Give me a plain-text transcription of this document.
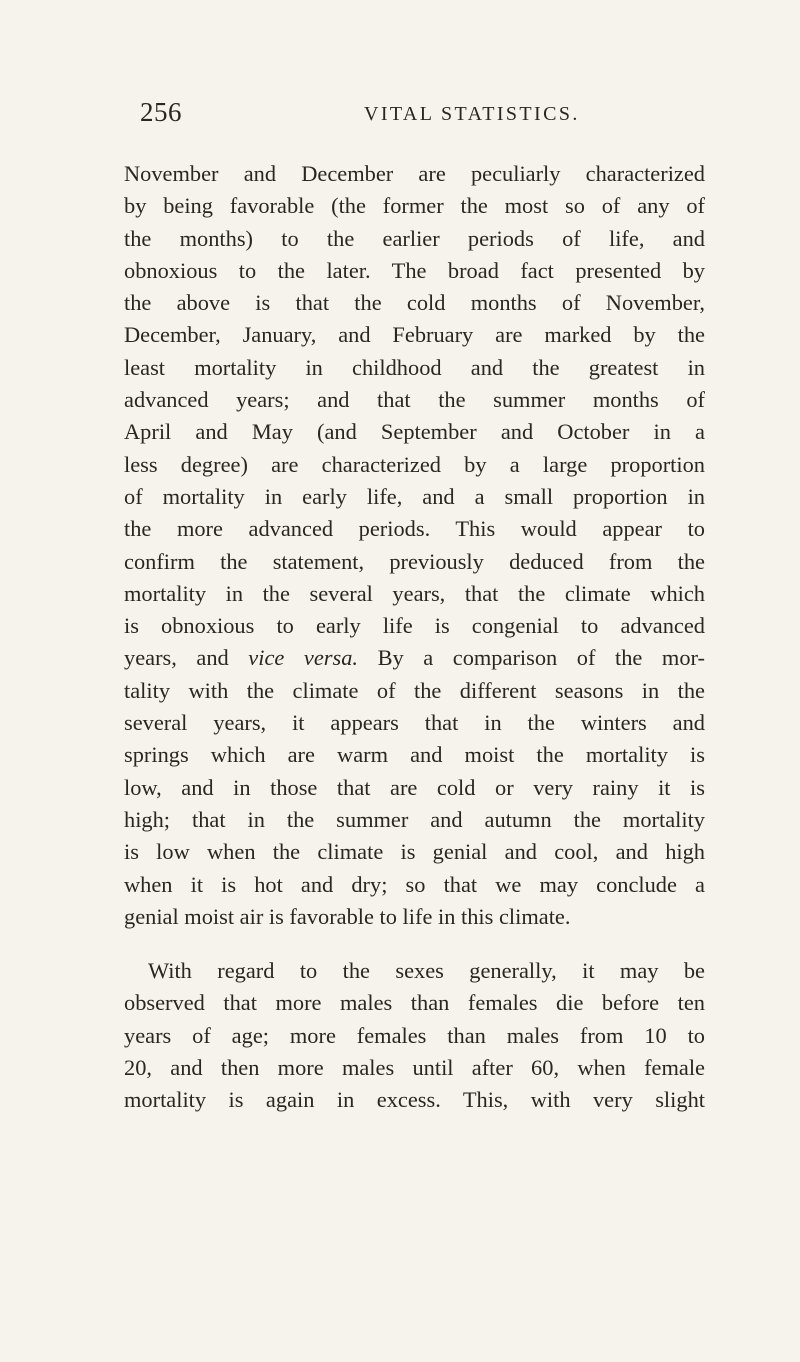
256	VITAL STATISTICS.

November and December are peculiarly characterized
by being favorable (the former the most so of any of
the months) to the earlier periods of life, and
obnoxious to the later. The broad fact presented by
the above is that the cold months of November,
December, January, and February are marked by the
least mortality in childhood and the greatest in
advanced years; and that the summer months of
April and May (and September and October in a
less degree) are characterized by a large proportion
of mortality in early life, and a small proportion in
the more advanced periods. This would appear to
confirm the statement, previously deduced from the
mortality in the several years, that the climate which
is obnoxious to early life is congenial to advanced
years, and vice versa. By a comparison of the mor-
tality with the climate of the different seasons in the
several years, it appears that in the winters and
springs which are warm and moist the mortality is
low, and in those that are cold or very rainy it is
high; that in the summer and autumn the mortality
is low when the climate is genial and cool, and high
when it is hot and dry; so that we may conclude a
genial moist air is favorable to life in this climate.

With regard to the sexes generally, it may be
observed that more males than females die before ten
years of age; more females than males from 10 to
20, and then more males until after 60, when female
mortality is again in excess. This, with very slight
